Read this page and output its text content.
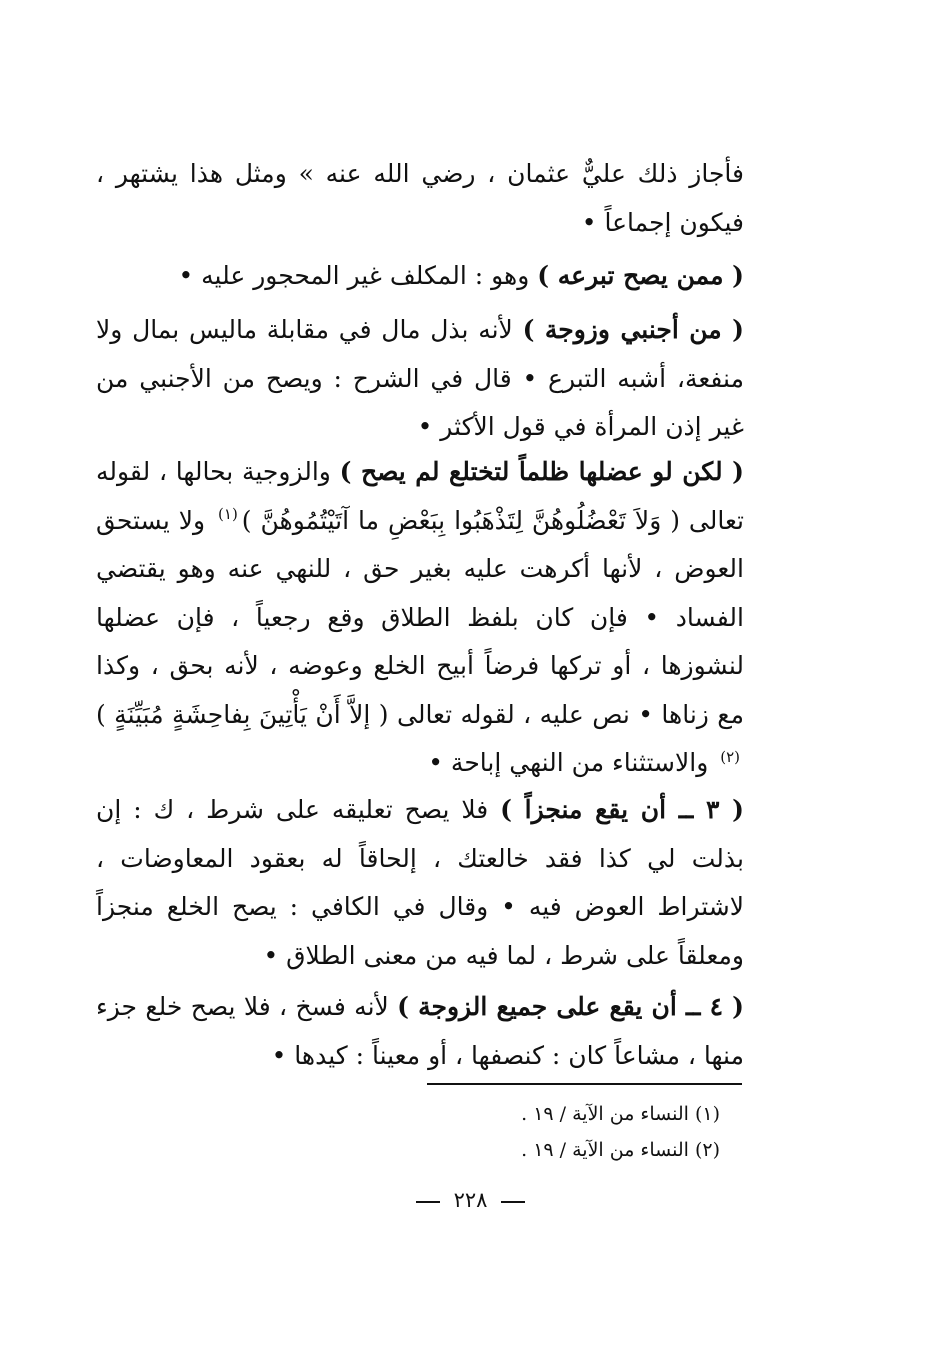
فأجاز ذلك عليٌّ عثمان ، رضي الله عنه » ومثل هذا يشتهر ، فيكون إجماعاً •

( ممن يصح تبرعه ) وهو : المكلف غير المحجور عليه •

( من أجنبي وزوجة ) لأنه بذل مال في مقابلة ماليس بمال ولا منفعة، أشبه التبرع • قال في الشرح : ويصح من الأجنبي من غير إذن المرأة في قول الأكثر •

( لكن لو عضلها ظلماً لتختلع لم يصح ) والزوجية بحالها ، لقوله تعالى ( وَلاَ تَعْضُلُوهُنَّ لِتَذْهَبُوا بِبَعْضِ ما آتَيْتُمُوهُنَّ )$^{(١)}$ ولا يستحق العوض ، لأنها أكرهت عليه بغير حق ، للنهي عنه وهو يقتضي الفساد • فإن كان بلفظ الطلاق وقع رجعياً ، فإن عضلها لنشوزها ، أو تركها فرضاً أبيح الخلع وعوضه ، لأنه بحق ، وكذا مع زناها • نص عليه ، لقوله تعالى ( إلاَّ أَنْ يَأْتِينَ بِفاحِشَةٍ مُبَيِّنَةٍ )$^{(٢)}$ والاستثناء من النهي إباحة •

( ٣ ــ أن يقع منجزاً ) فلا يصح تعليقه على شرط ، ك : إن بذلت لي كذا فقد خالعتك ، إلحاقاً له بعقود المعاوضات ، لاشتراط العوض فيه • وقال في الكافي : يصح الخلع منجزاً ومعلقاً على شرط ، لما فيه من معنى الطلاق •

( ٤ ــ أن يقع على جميع الزوجة ) لأنه فسخ ، فلا يصح خلع جزء منها ، مشاعاً كان : كنصفها ، أو معيناً : كيدها •

(١) النساء من الآية / ١٩ .
(٢) النساء من الآية / ١٩ .
٢٢٨
